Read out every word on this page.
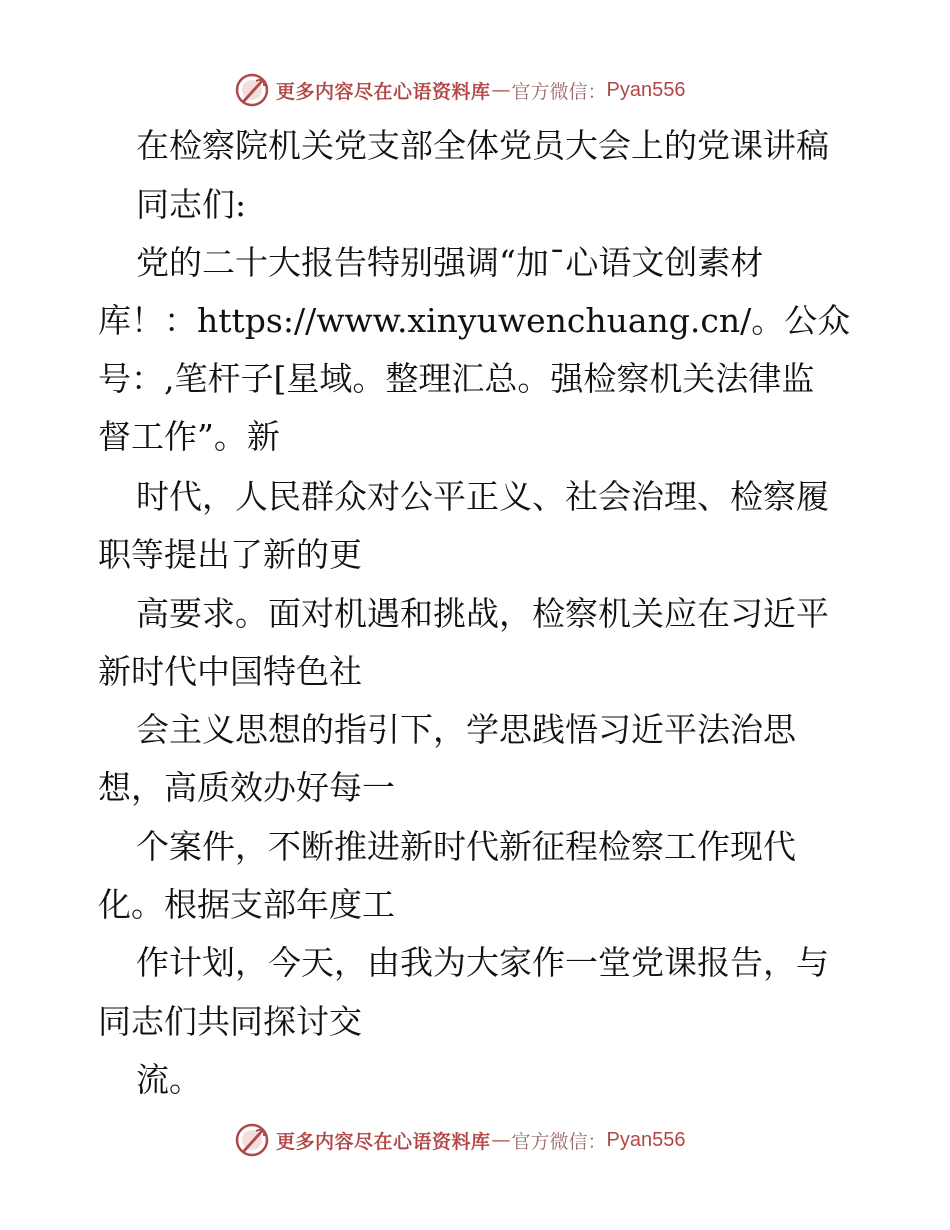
更多内容尽在心语资料库 — 官方微信： Pyan556
在检察院机关党支部全体党员大会上的党课讲稿
同志们:
党的二十大报告特别强调“加¯心语文创素材
库！：https://www.xinyuwenchuang.cn/。公众
号：,笔杆子[星域。整理汇总。强检察机关法律监
督工作”。新
时代，人民群众对公平正义、社会治理、检察履
职等提出了新的更
高要求。面对机遇和挑战，检察机关应在习近平
新时代中国特色社
会主义思想的指引下，学思践悟习近平法治思
想，高质效办好每一
个案件，不断推进新时代新征程检察工作现代
化。根据支部年度工
作计划，今天，由我为大家作一堂党课报告，与
同志们共同探讨交
流。
更多内容尽在心语资料库 — 官方微信： Pyan556
